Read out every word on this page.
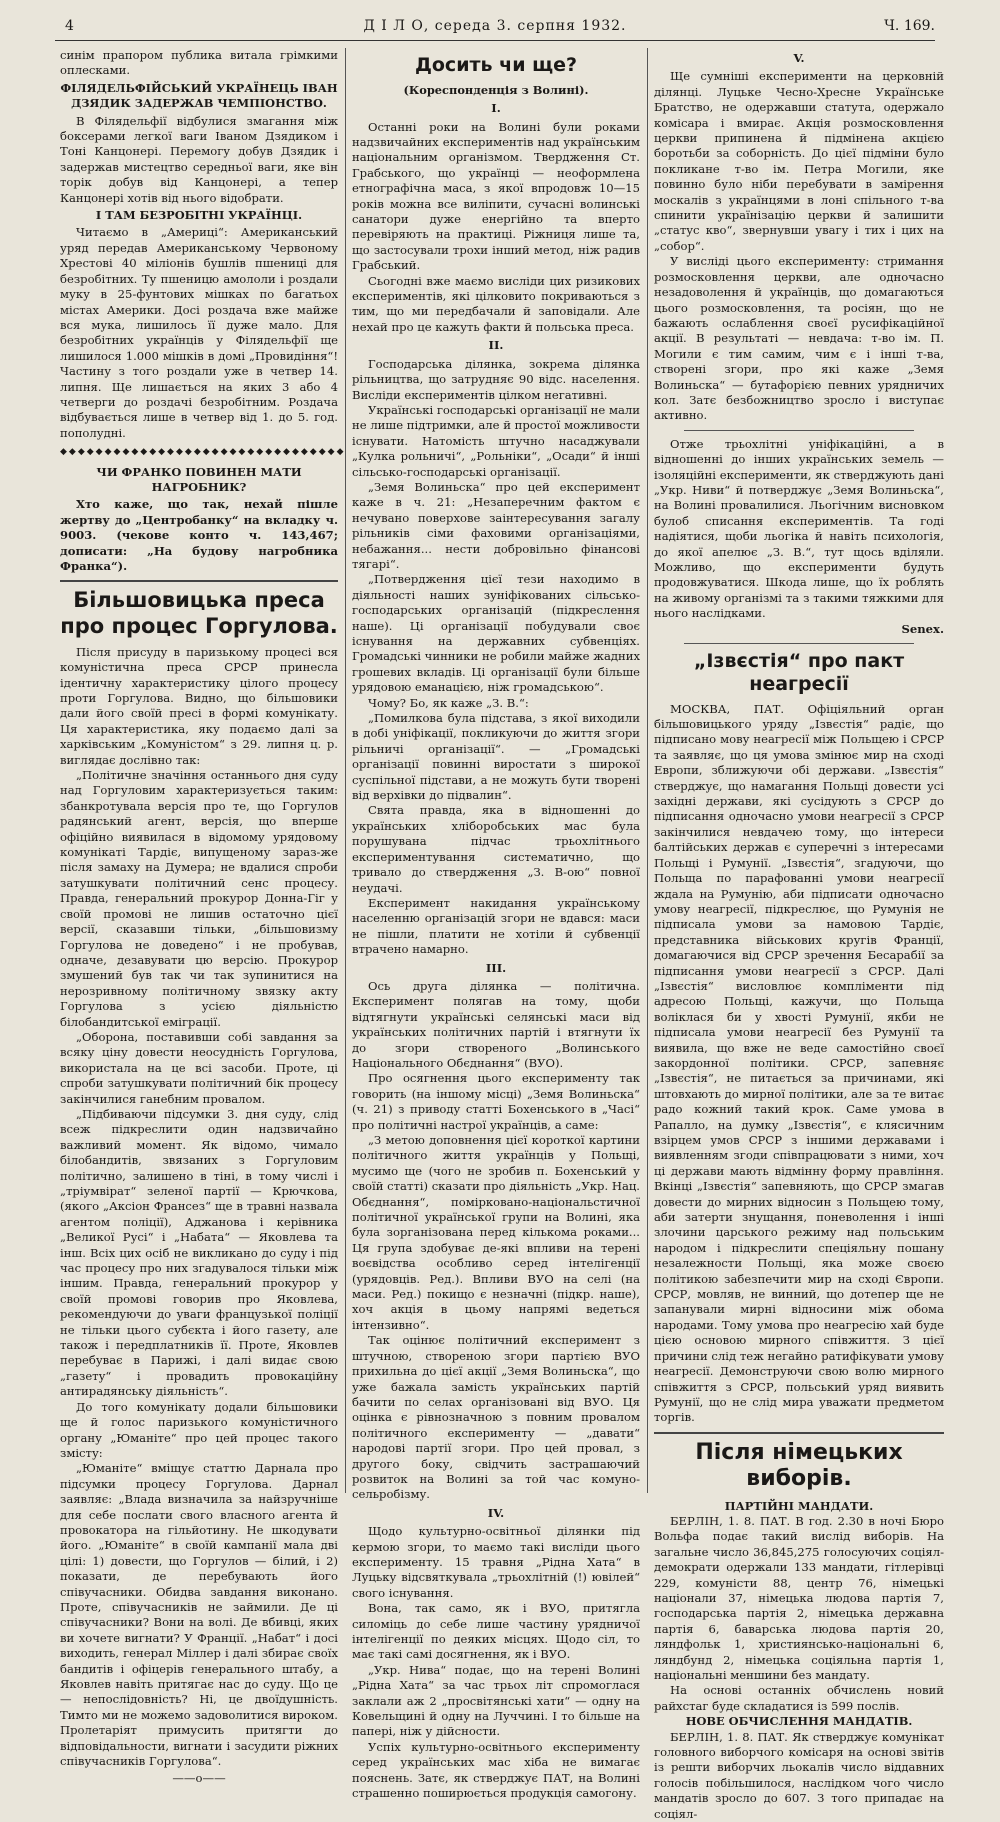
4	Д І Л О, середа 3. серпня 1932.	Ч. 169.

синім прапором публика витала грімкими оплесками.

ФІЛЯДЕЛЬФІЙСЬКИЙ УКРАЇНЕЦЬ ІВАН ДЗЯДИК ЗАДЕРЖАВ ЧЕМПІОНСТВО.

В Філядельфії відбулися змагання між боксерами легкої ваги Іваном Дзядиком і Тоні Канцонері. Перемогу добув Дзядик і задержав мистецтво середньої ваги, яке він торік добув від Канцонері, а тепер Канцонері хотів від нього відобрати.

І ТАМ БЕЗРОБІТНІ УКРАЇНЦІ.

Читаємо в „Америці“: Американський уряд передав Американському Червоному Хрестові 40 міліонів бушлів пшениці для безробітних. Ту пшеницю амололи і роздали муку в 25-фунтових мішках по багатьох містах Америки. Досі роздача вже майже вся мука, лишилось її дуже мало. Для безробітних українців у Філядельфії ще лишилося 1.000 мішків в домі „Провидіння“! Частину з того роздали уже в четвер 14. липня. Ще лишається на яких 3 або 4 четверги до роздачі безробітним. Роздача відбувається лише в четвер від 1. до 5. год. пополудні.

◆◆◆◆◆◆◆◆◆◆◆◆◆◆◆◆◆◆◆◆◆◆◆◆◆◆◆◆◆◆◆◆
ЧИ ФРАНКО ПОВИНЕН МАТИ НАГРОБНИК?

Хто каже, що так, нехай пішле жертву до „Центробанку“ на вкладку ч. 9003. (чекове конто ч. 143,467; дописати: „На будову нагробника Франка“).

Більшовицька преса про процес Горгулова.

Після присуду в паризькому процесі вся комуністична преса СРСР принесла ідентичну характеристику цілого процесу проти Горгулова. Видно, що більшовики дали його своїй пресі в формі комунікату. Ця характеристика, яку подаємо далі за харківським „Комуністом“ з 29. липня ц. р. виглядає дослівно так:

„Політичне значіння останнього дня суду над Горгуловим характеризується таким: збанкротувала версія про те, що Горгулов радянський агент, версія, що вперше офіційно виявилася в відомому урядовому комунікаті Тардіє, випущеному зараз-же після замаху на Думера; не вдалися спроби затушкувати політичний сенс процесу. Правда, генеральний прокурор Донна-Гіг у своїй промові не лишив остаточно цієї версії, сказавши тільки, „більшовизму Горгулова не доведено“ і не пробував, одначе, дезавувати цю версію. Прокурор змушений був так чи так зупинитися на нерозривному політичному звязку акту Горгулова з усією діяльністю білобандитської еміграції.

„Оборона, поставивши собі завдання за всяку ціну довести неосудність Горгулова, використала на це всі засоби. Проте, ці спроби затушкувати політичний бік процесу закінчилися ганебним провалом.

„Підбиваючи підсумки 3. дня суду, слід всеж підкреслити один надзвичайно важливий момент. Як відомо, чимало білобандитів, звязаних з Горгуловим політично, залишено в тіні, в тому числі і „тріумвірат“ зеленої партії — Крючкова, (якого „Аксіон Франсез“ ще в травні назвала агентом поліції), Аджанова і керівника „Великої Русі“ і „Набата“ — Яковлева та інш. Всіх цих осіб не викликано до суду і під час процесу про них згадувалося тільки між іншим. Правда, генеральний прокурор у своїй промові говорив про Яковлева, рекомендуючи до уваги французької поліції не тільки цього субєкта і його газету, але також і передплатників її. Проте, Яковлев перебуває в Парижі, і далі видає свою „газету“ і провадить провокаційну антирадянську діяльність“.

До того комунікату додали більшовики ще й голос паризького комуністичного органу „Юманіте“ про цей процес такого змісту:

„Юманіте“ вміщує статтю Дарнала про підсумки процесу Горгулова. Дарнал заявляє: „Влада визначила за найзручніше для себе послати свого власного агента й провокатора на гільйотину. Не шкодувати його. „Юманіте“ в своїй кампанії мала дві цілі: 1) довести, що Горгулов — білий, і 2) показати, де перебувають його співучасники. Обидва завдання виконано. Проте, співучасників не займили. Де ці співучасники? Вони на волі. Де вбивці, яких ви хочете вигнати? У Франції. „Набат“ і досі виходить, генерал Міллер і далі збирає своїх бандитів і офіцерів генерального штабу, а Яковлев навіть притягає нас до суду. Що це — непослідовність? Ні, це двоїдушність. Тимто ми не можемо задоволитися вироком. Пролетаріят примусить притягти до відповідальности, вигнати і засудити ріжних співучасників Горгулова“.

——о——
Досить чи ще?
(Кореспонденція з Волині).
I.

Останні роки на Волині були роками надзвичайних експериментів над українським національним організмом. Твердження Ст. Грабського, що українці — неоформлена етнографічна маса, з якої впродовж 10—15 років можна все виліпити, сучасні волинські санатори дуже енергійно та впертo перевіряють на практиці. Ріжниця лише та, що застосували трохи інший метод, ніж радив Грабський.

Сьогодні вже маємо висліди цих ризикових експериментів, які цілковито покриваються з тим, що ми передбачали й заповідали. Але нехай про це кажуть факти й польська преса.

II.

Господарська ділянка, зокрема ділянка рільництва, що затрудняє 90 відс. населення. Висліди експериментів цілком негативні.

Українські господарські організації не мали не лише підтримки, але й простої можливости існувати. Натомість штучно насаджували „Кулка рольничі“, „Рольніки“, „Осади“ й інші сільсько-господарські організації.

„Земя Волиньска“ про цей експеримент каже в ч. 21: „Незаперечним фактом є нечувано поверхове заінтересування загалу рільників сіми фаховими організаціями, небажання... нести добровільно фінансові тягарі“.

„Потвердження цієї тези находимо в діяльності наших зуніфікованих сільсько-господарських організацій (підкреслення наше). Ці організації побудували своє існування на державних субвенціях. Громадські чинники не робили майже жадних грошевих вкладів. Ці організації були більше урядовою еманацією, ніж громадською“.

Чому? Бо, як каже „З. В.“:

„Помилкова була підстава, з якої виходили в добі уніфікації, покликуючи до життя згори рільничі організації“. — „Громадські організації повинні виростати з широкої суспільної підстави, а не можуть бути творені від верхівки до підвалин“.

Свята правда, яка в відношенні до українських хліборобських мас була порушувана підчас трьохлітнього експериментування систематично, що тривало до ствердження „З. В-ою“ повної неудачі.

Експеримент накидання українському населенню організацій згори не вдався: маси не пішли, платити не хотіли й субвенції втрачено намарно.

III.

Ось друга ділянка — політична. Експеримент полягав на тому, щоби відтягнути українські селянські маси від українських політичних партій і втягнути їх до згори створеного „Волинського Національного Обєднання“ (ВУО).

Про осягнення цього експерименту так говорить (на іншому місці) „Земя Волиньска“ (ч. 21) з приводу статті Бохенського в „Часі“ про політичні настрої українців, а саме:

„З метою доповнення цієї короткої картини політичного життя українців у Польщі, мусимо ще (чого не зробив п. Бохенський у своїй статті) сказати про діяльність „Укр. Нац. Обєднання“, помірковано-національстичної політичної української групи на Волині, яка була зорганізована перед кількома роками... Ця група здобуває де-які впливи на терені воєвідства особливо серед інтелігенції (урядовців. Ред.). Впливи ВУО на селі (на маси. Ред.) покищо є незначні (підкр. наше), хоч акція в цьому напрямі ведеться інтензивно“.

Так оцінює політичний експеримент з штучною, створеною згори партією ВУО прихильна до цієї акції „Земя Волиньска“, що уже бажала замість українських партій бачити по селах організовані від ВУО. Ця оцінка є рівнозначною з повним провалом політичного експерименту — „давати“ народові партії згори. Про цей провал, з другого боку, свідчить застрашаючий розвиток на Волині за той час комуно-сельробізму.

IV.

Щодо культурно-освітньої ділянки під кермою згори, то маємо такі висліди цього експерименту. 15 травня „Рідна Хата“ в Луцьку відсвяткувала „трьохлітній (!) ювілей“ свого існування.

Вона, так само, як і ВУО, притягла силоміць до себе лише частину урядничої інтелігенції по деяких місцях. Щодо сіл, то має такі самі досягнення, як і ВУО.

„Укр. Нива“ подає, що на терені Волині „Рідна Хата“ за час трьох літ спромоглася заклали аж 2 „просвітянські хати“ — одну на Ковельщині й одну на Луччині. І то більше на папері, ніж у дійсности.

Успіх культурно-освітнього експерименту серед українських мас хіба не вимагає пояснень. Затє, як стверджує ПАТ, на Волині страшенно поширюється продукція самогону.

V.

Ще сумніші експерименти на церковній ділянці. Луцьке Чесно-Хресне Українське Братство, не одержавши статута, одержало комісара і вмирає. Акція розмосковлення церкви припинена й підмінена акцією боротьби за соборність. До цієї підміни було покликане т-во ім. Петра Могили, яке повинно було ніби перебувати в замірення москалів з українцями в лоні спільного т-ва спинити українізацію церкви й залишити „статус кво“, звернувши увагу і тих і цих на „собор“.

У вислiдi цього експерименту: стримання розмосковлення церкви, але одночасно незадоволення й українців, що домагаються цього розмосковлення, та росіян, що не бажають ослаблення своєї русифікаційної акції. В результаті — невдача: т-во ім. П. Могили є тим самим, чим є і інші т-ва, створені згори, про які каже „Земя Волиньска“ — бутафорією певних урядничих кол. Затє безбожництво зросло і виступає активно.

Отже трьохлітні уніфікаційні, а в відношенні до інших українських земель — ізоляційні експерименти, як стверджують дані „Укр. Ниви“ й потверджує „Земя Волиньска“, на Волині провалилися. Льогічним висновком булоб списання експериментів. Та годі надіятися, щоби льогіка й навіть психологія, до якої апелює „З. В.“, тут щось вділяли. Можливо, що експерименти будуть продовжуватися. Шкода лише, що їх роблять на живому організмі та з такими тяжкими для нього наслідками.

Senex.
„Ізвєстія“ про пакт неагресії

МОСКВА, ПАТ. Офіціяльний орган більшовицького уряду „Ізвєстія“ радіє, що підписано мову неагресії між Польщею і СРСР та заявляє, що ця умова змінює мир на сході Европи, зближуючи обі держави. „Ізвєстія“ стверджує, що намагання Польщі довести усі західні держави, які сусідують з СРСР до підписання одночасно умови неагресії з СРСР закінчилися невдачею тому, що інтереси балтійських держав є суперечні з інтересами Польщі і Румунії. „Ізвєстія“, згадуючи, що Польща по парафованні умови неагресії ждала на Румунію, аби підписати одночасно умову неагресії, підкреслює, що Румунія не підписала умови за намовою Тардіє, представника військових кругів Франції, домагаючися від СРСР зречення Бесарабії за підписання умови неагресії з СРСР. Далі „Ізвєстія“ висловлює компліменти під адресою Польщі, кажучи, що Польща воліклася би у хвості Румунії, якби не підписала умови неагресії без Румунії та виявила, що вже не веде самостійно своєї закордонної політики. СРСР, запевняє „Ізвєстія“, не питається за причинами, які штовхають до мирної політики, але за те витає радо кожний такий крок. Саме умова в Рапалло, на думку „Ізвєстія“, є клясичним взірцем умов СРСР з іншими державами і виявленням згоди співпрацювати з ними, хоч ці держави мають відмінну форму правління. Вкінці „Ізвєстія“ запевняють, що СРСР змагав довести до мирних відносин з Польщею тому, аби затерти знущання, поневолення і інші злочини царського режиму над польським народом і підкреслити спеціяльну пошану незалежности Польщі, яка може своєю політикою забезпечити мир на сході Європи. СРСР, мовляв, не винний, що дотепер ще не запанували мирні відносини між обома народами. Тому умова про неагресію хай буде цією основою мирного співжиття. З цієї причини слід теж негайно ратифікувати умову неагресії. Демонструючи свою волю мирного співжиття з СРСР, польський уряд виявить Румунії, що не слід мира уважати предметом торгів.

Після німецьких виборів.
ПАРТІЙНІ МАНДАТИ.

БЕРЛІН, 1. 8. ПАТ. В год. 2.30 в ночі Бюро Вольфа подає такий вислід виборів. На загальне число 36,845,275 голосуючих соціял-демократи одержали 133 мандати, гітлерівці 229, комуністи 88, центр 76, німецькі націонали 37, німецька людова партія 7, господарська партія 2, німецька державна партія 6, баварська людова партія 20, ляндфольк 1, християнсько-національні 6, ляндбунд 2, німецька соціяльна партія 1, національні меншини без мандату.

На основі останніх обчислень новий райхстаг буде складатися із 599 послів.

НОВЕ ОБЧИСЛЕННЯ МАНДАТІВ.

БЕРЛІН, 1. 8. ПАТ. Як стверджує комунікат головного виборчого комісаря на основі звітів із решти виборчих льокалів число віддавних голосів побільшилося, наслідком чого число мандатів зросло до 607. З того припадає на соціял-
